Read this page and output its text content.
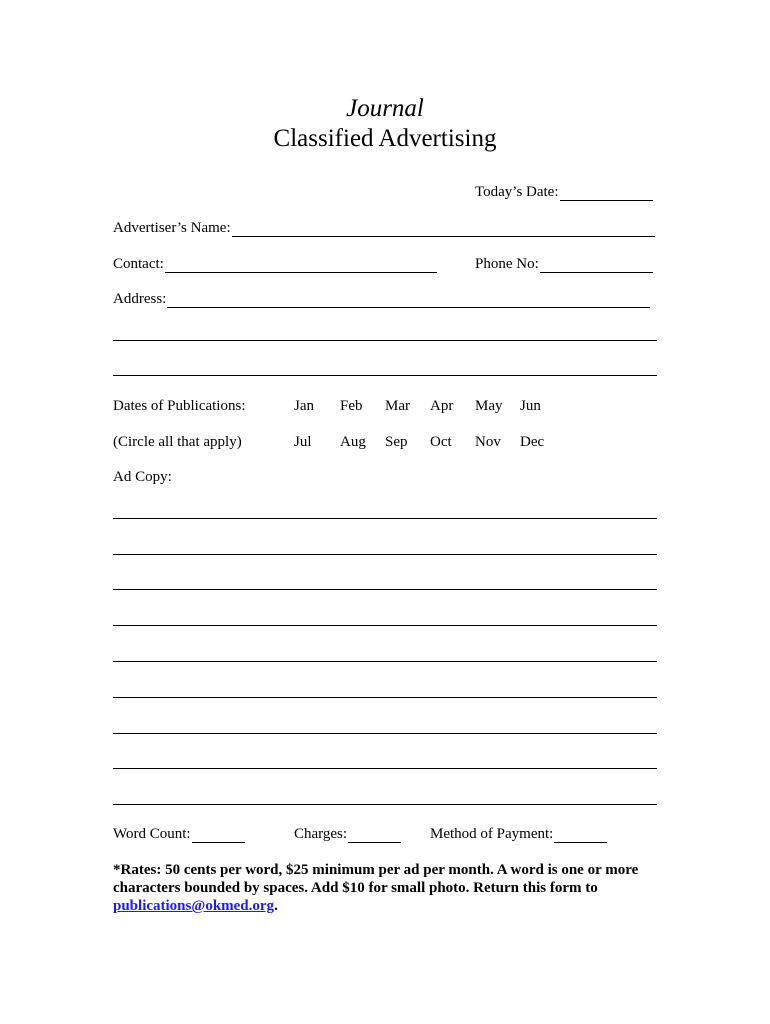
Journal
Classified Advertising
Today’s Date:
Advertiser’s Name:
Contact:	Phone No:
Address:
Dates of Publications:	Jan Feb Mar Apr May Jun
(Circle all that apply)	Jul Aug Sep Oct Nov Dec
Ad Copy:
Word Count:	Charges:	Method of Payment:
*Rates: 50 cents per word, $25 minimum per ad per month. A word is one or more characters bounded by spaces. Add $10 for small photo. Return this form to publications@okmed.org.
